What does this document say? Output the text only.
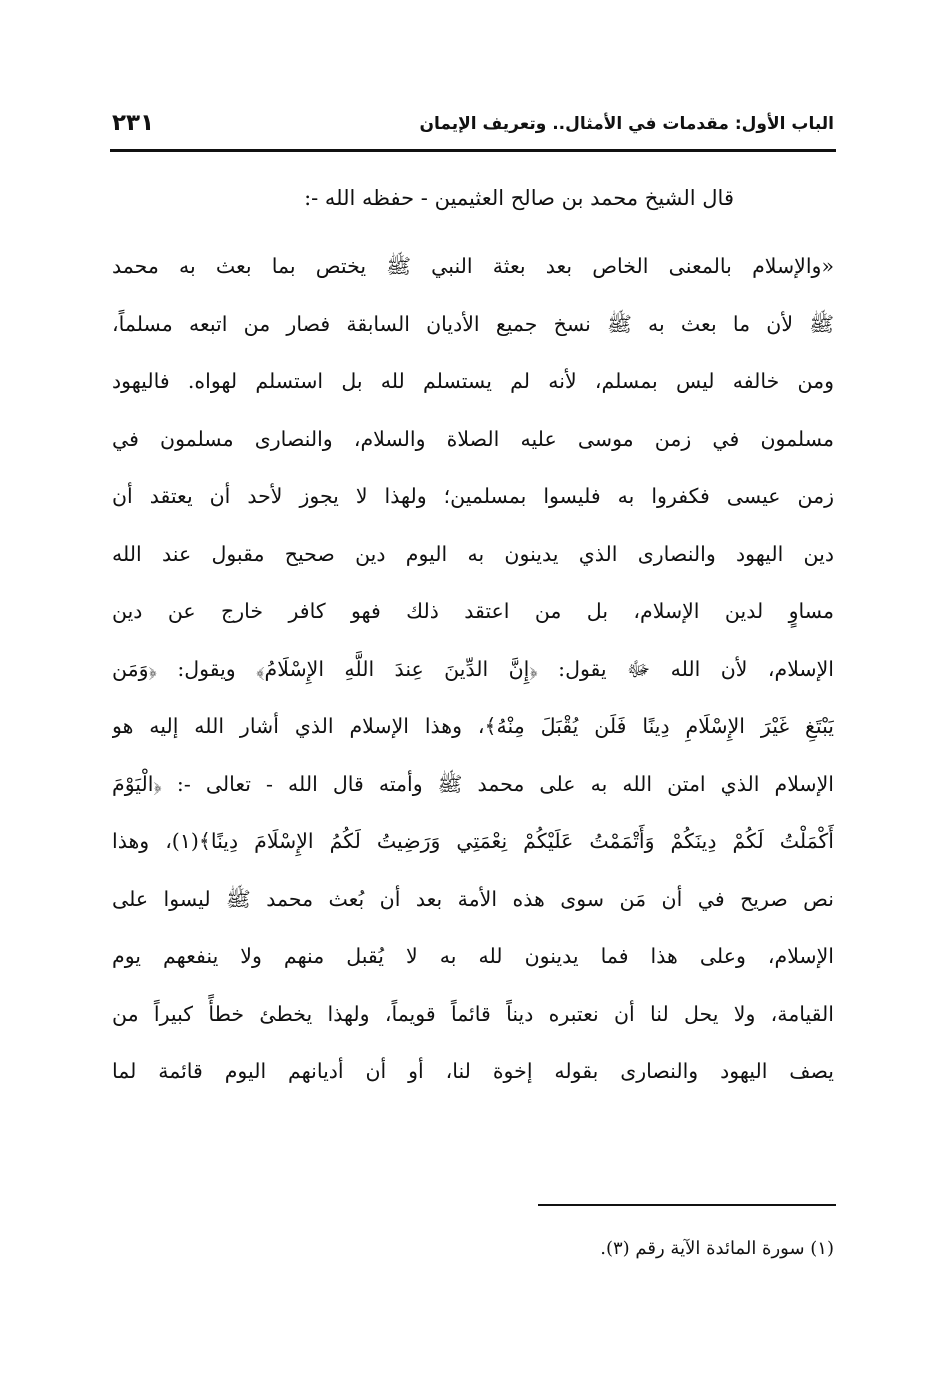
الباب الأول: مقدمات في الأمثال.. وتعريف الإيمان
٢٣١
قال الشيخ محمد بن صالح العثيمين - حفظه الله -:
«والإسلام بالمعنى الخاص بعد بعثة النبي ﷺ يختص بما بعث به محمد
ﷺ لأن ما بعث به ﷺ نسخ جميع الأديان السابقة فصار من اتبعه مسلماً،
ومن خالفه ليس بمسلم، لأنه لم يستسلم لله بل استسلم لهواه. فاليهود
مسلمون في زمن موسى عليه الصلاة والسلام، والنصارى مسلمون في
زمن عيسى فكفروا به فليسوا بمسلمين؛ ولهذا لا يجوز لأحد أن يعتقد أن
دين اليهود والنصارى الذي يدينون به اليوم دين صحيح مقبول عند الله
مساوٍ لدين الإسلام، بل من اعتقد ذلك فهو كافر خارج عن دين
الإسلام، لأن الله ﷻ يقول: ﴿إِنَّ الدِّينَ عِندَ اللَّهِ الإِسْلَامُ﴾ ويقول: ﴿وَمَن
يَبْتَغِ غَيْرَ الإِسْلَامِ دِينًا فَلَن يُقْبَلَ مِنْهُ﴾، وهذا الإسلام الذي أشار الله إليه هو
الإسلام الذي امتن الله به على محمد ﷺ وأمته قال الله - تعالى -: ﴿الْيَوْمَ
أَكْمَلْتُ لَكُمْ دِينَكُمْ وَأَتْمَمْتُ عَلَيْكُمْ نِعْمَتِي وَرَضِيتُ لَكُمُ الإِسْلَامَ دِينًا﴾(١)، وهذا
نص صريح في أن مَن سوى هذه الأمة بعد أن بُعث محمد ﷺ ليسوا على
الإسلام، وعلى هذا فما يدينون لله به لا يُقبل منهم ولا ينفعهم يوم
القيامة، ولا يحل لنا أن نعتبره ديناً قائماً قويماً، ولهذا يخطئ خطأً كبيراً من
يصف اليهود والنصارى بقوله إخوة لنا، أو أن أديانهم اليوم قائمة لما
(١) سورة المائدة الآية رقم (٣).
